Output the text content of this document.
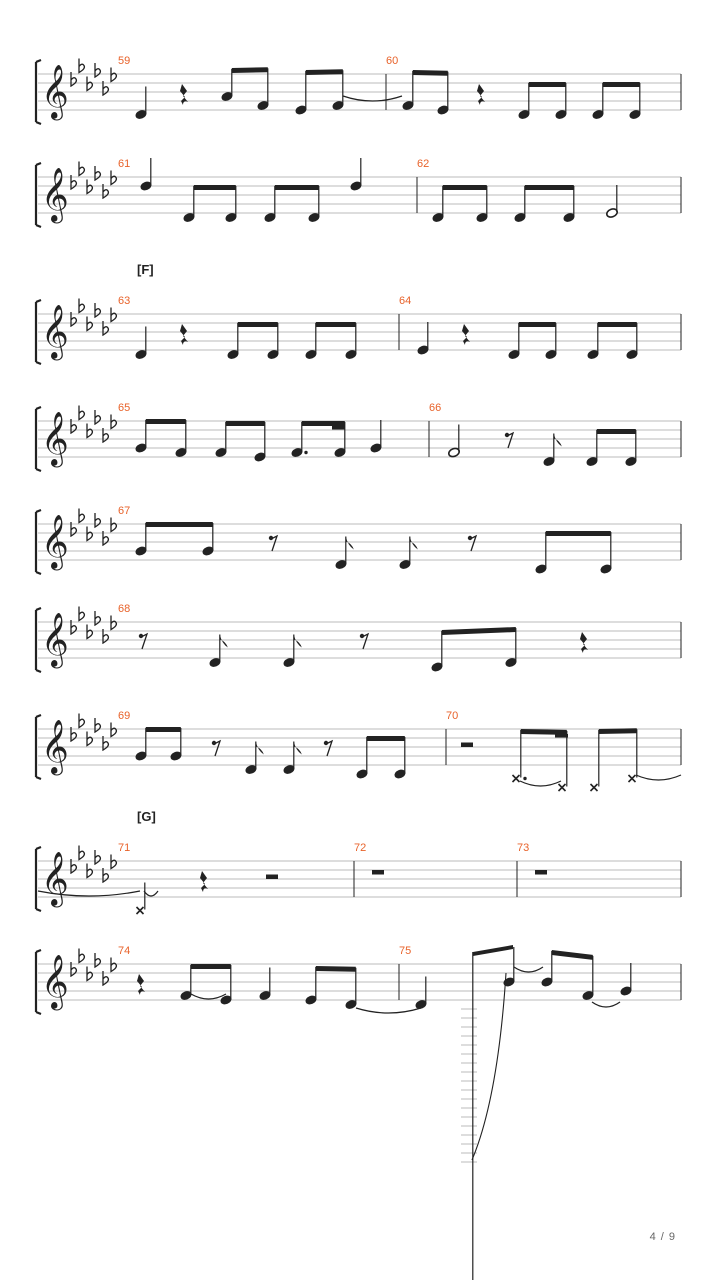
𝄞
59	60
𝄞
61	62
𝄞
63	64
[F]
𝄞
65	66
𝄞
67
𝄞
68
𝄞
69	70
𝄞
71	72	73
[G]
𝄞
74	75
4 / 9
